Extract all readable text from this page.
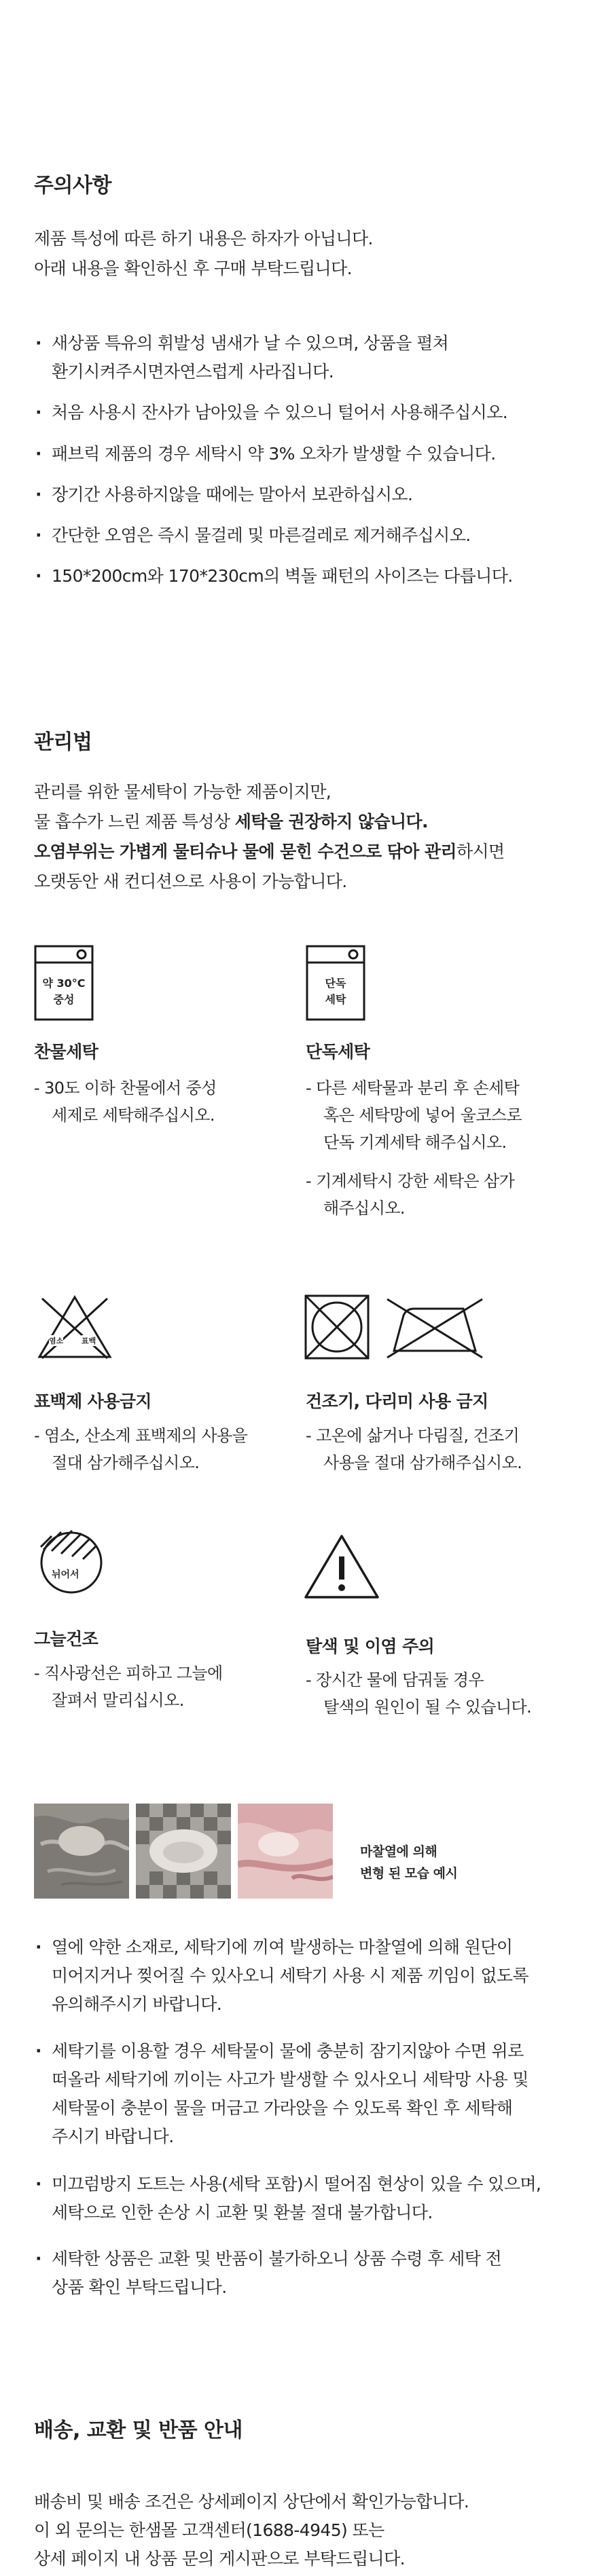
주의사항
제품 특성에 따른 하기 내용은 하자가 아닙니다.
아래 내용을 확인하신 후 구매 부탁드립니다.
· 새상품 특유의 휘발성 냄새가 날 수 있으며, 상품을 펼쳐
환기시켜주시면자연스럽게 사라집니다.
· 처음 사용시 잔사가 남아있을 수 있으니 털어서 사용해주십시오.
· 패브릭 제품의 경우 세탁시 약 3% 오차가 발생할 수 있습니다.
· 장기간 사용하지않을 때에는 말아서 보관하십시오.
· 간단한 오염은 즉시 물걸레 및 마른걸레로 제거해주십시오.
· 150*200cm와 170*230cm의 벽돌 패턴의 사이즈는 다릅니다.
관리법
관리를 위한 물세탁이 가능한 제품이지만,
물 흡수가 느린 제품 특성상 세탁을 권장하지 않습니다.
오염부위는 가볍게 물티슈나 물에 묻힌 수건으로 닦아 관리하시면
오랫동안 새 컨디션으로 사용이 가능합니다.
약 30°C
중성
단독
세탁
찬물세탁
- 30도 이하 찬물에서 중성
세제로 세탁해주십시오.
단독세탁
- 다른 세탁물과 분리 후 손세탁
혹은 세탁망에 넣어 울코스로
단독 기계세탁 해주십시오.
- 기계세탁시 강한 세탁은 삼가
해주십시오.
염소 표백
표백제 사용금지
- 염소, 산소계 표백제의 사용을
절대 삼가해주십시오.
건조기, 다리미 사용 금지
- 고온에 삶거나 다림질, 건조기
사용을 절대 삼가해주십시오.
뉘어서
그늘건조
- 직사광선은 피하고 그늘에
잘펴서 말리십시오.
탈색 및 이염 주의
- 장시간 물에 담궈둘 경우
탈색의 원인이 될 수 있습니다.
마찰열에 의해
변형 된 모습 예시
· 열에 약한 소재로, 세탁기에 끼여 발생하는 마찰열에 의해 원단이
미어지거나 찢어질 수 있사오니 세탁기 사용 시 제품 끼임이 없도록
유의해주시기 바랍니다.
· 세탁기를 이용할 경우 세탁물이 물에 충분히 잠기지않아 수면 위로
떠올라 세탁기에 끼이는 사고가 발생할 수 있사오니 세탁망 사용 및
세탁물이 충분이 물을 머금고 가라앉을 수 있도록 확인 후 세탁해
주시기 바랍니다.
· 미끄럼방지 도트는 사용(세탁 포함)시 떨어짐 현상이 있을 수 있으며,
세탁으로 인한 손상 시 교환 및 환불 절대 불가합니다.
· 세탁한 상품은 교환 및 반품이 불가하오니 상품 수령 후 세탁 전
상품 확인 부탁드립니다.
배송, 교환 및 반품 안내
배송비 및 배송 조건은 상세페이지 상단에서 확인가능합니다.
이 외 문의는 한샘몰 고객센터(1688-4945) 또는
상세 페이지 내 상품 문의 게시판으로 부탁드립니다.
